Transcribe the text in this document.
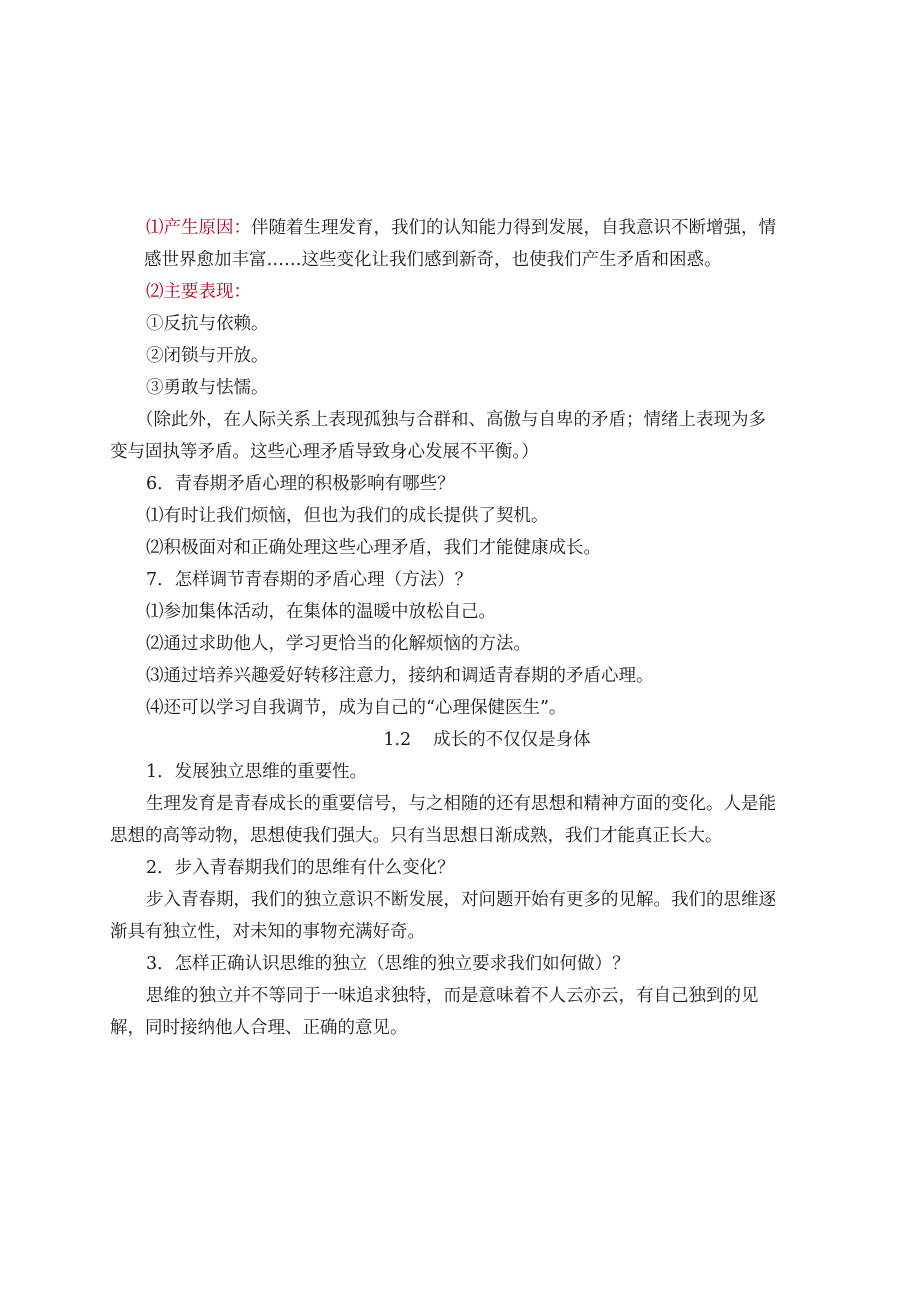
⑴产生原因：伴随着生理发育，我们的认知能力得到发展，自我意识不断增强，情
感世界愈加丰富……这些变化让我们感到新奇，也使我们产生矛盾和困惑。

⑵主要表现：

①反抗与依赖。

②闭锁与开放。

③勇敢与怯懦。

（除此外，在人际关系上表现孤独与合群和、高傲与自卑的矛盾；情绪上表现为多
变与固执等矛盾。这些心理矛盾导致身心发展不平衡。）

6．青春期矛盾心理的积极影响有哪些？

⑴有时让我们烦恼，但也为我们的成长提供了契机。

⑵积极面对和正确处理这些心理矛盾，我们才能健康成长。

7．怎样调节青春期的矛盾心理（方法）？

⑴参加集体活动，在集体的温暖中放松自己。

⑵通过求助他人，学习更恰当的化解烦恼的方法。

⑶通过培养兴趣爱好转移注意力，接纳和调适青春期的矛盾心理。

⑷还可以学习自我调节，成为自己的“心理保健医生”。

1.2 成长的不仅仅是身体

1．发展独立思维的重要性。

生理发育是青春成长的重要信号，与之相随的还有思想和精神方面的变化。人是能
思想的高等动物，思想使我们强大。只有当思想日渐成熟，我们才能真正长大。

2．步入青春期我们的思维有什么变化？

步入青春期，我们的独立意识不断发展，对问题开始有更多的见解。我们的思维逐
渐具有独立性，对未知的事物充满好奇。

3．怎样正确认识思维的独立（思维的独立要求我们如何做）？

思维的独立并不等同于一味追求独特，而是意味着不人云亦云，有自己独到的见
解，同时接纳他人合理、正确的意见。
